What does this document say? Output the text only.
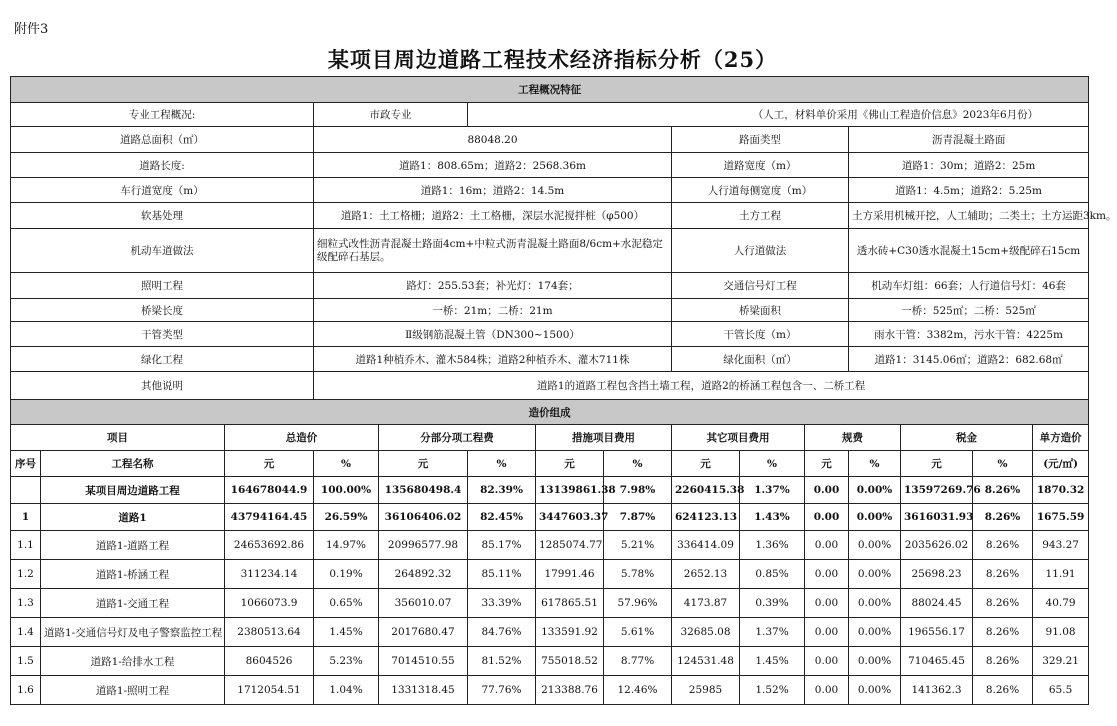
附件3
某项目周边道路工程技术经济指标分析（25）
工程概况特征														
专业工程概况:			市政专业		（人工，材料单价采用《佛山工程造价信息》2023年6月份）									
道路总面积（㎡）			88048.20					路面类型			沥青混凝土路面			
道路长度:			道路1：808.65m；道路2：2568.36m					道路宽度（m）			道路1：30m；道路2：25m			
车行道宽度（m）			道路1：16m；道路2：14.5m					人行道每侧宽度（m）			道路1：4.5m；道路2：5.25m			
软基处理			道路1：土工格栅；道路2：土工格栅，深层水泥搅拌桩（φ500）					土方工程			土方采用机械开挖，人工辅助；二类土；土方运距3km。			
机动车道做法			细粒式改性沥青混凝土路面4cm+中粒式沥青混凝土路面8/6cm+水泥稳定级配碎石基层。					人行道做法			透水砖+C30透水混凝土15cm+级配碎石15cm			
照明工程			路灯：255.53套；补光灯：174套；					交通信号灯工程			机动车灯组：66套；人行道信号灯：46套			
桥梁长度			一桥：21m；二桥：21m					桥梁面积			一桥：525㎡；二桥：525㎡			
干管类型			Ⅱ级钢筋混凝土管（DN300~1500）					干管长度（m）			雨水干管：3382m，污水干管：4225m			
绿化工程			道路1种植乔木、灌木584株；道路2种植乔木、灌木711株					绿化面积（㎡）			道路1：3145.06㎡；道路2：682.68㎡			
其他说明			道路1的道路工程包含挡土墙工程，道路2的桥涵工程包含一、二桥工程											
造价组成														
项目		总造价		分部分项工程费		措施项目费用		其它项目费用		规费		税金		单方造价
序号	工程名称	元	%	元	%	元	%	元	%	元	%	元	%	(元/㎡)
	某项目周边道路工程	164678044.9	100.00%	135680498.4	82.39%	13139861.38	7.98%	2260415.38	1.37%	0.00	0.00%	13597269.76	8.26%	1870.32
1	道路1	43794164.45	26.59%	36106406.02	82.45%	3447603.37	7.87%	624123.13	1.43%	0.00	0.00%	3616031.93	8.26%	1675.59
1.1	道路1-道路工程	24653692.86	14.97%	20996577.98	85.17%	1285074.77	5.21%	336414.09	1.36%	0.00	0.00%	2035626.02	8.26%	943.27
1.2	道路1-桥涵工程	311234.14	0.19%	264892.32	85.11%	17991.46	5.78%	2652.13	0.85%	0.00	0.00%	25698.23	8.26%	11.91
1.3	道路1-交通工程	1066073.9	0.65%	356010.07	33.39%	617865.51	57.96%	4173.87	0.39%	0.00	0.00%	88024.45	8.26%	40.79
1.4	道路1-交通信号灯及电子警察监控工程	2380513.64	1.45%	2017680.47	84.76%	133591.92	5.61%	32685.08	1.37%	0.00	0.00%	196556.17	8.26%	91.08
1.5	道路1-给排水工程	8604526	5.23%	7014510.55	81.52%	755018.52	8.77%	124531.48	1.45%	0.00	0.00%	710465.45	8.26%	329.21
1.6	道路1-照明工程	1712054.51	1.04%	1331318.45	77.76%	213388.76	12.46%	25985	1.52%	0.00	0.00%	141362.3	8.26%	65.5
